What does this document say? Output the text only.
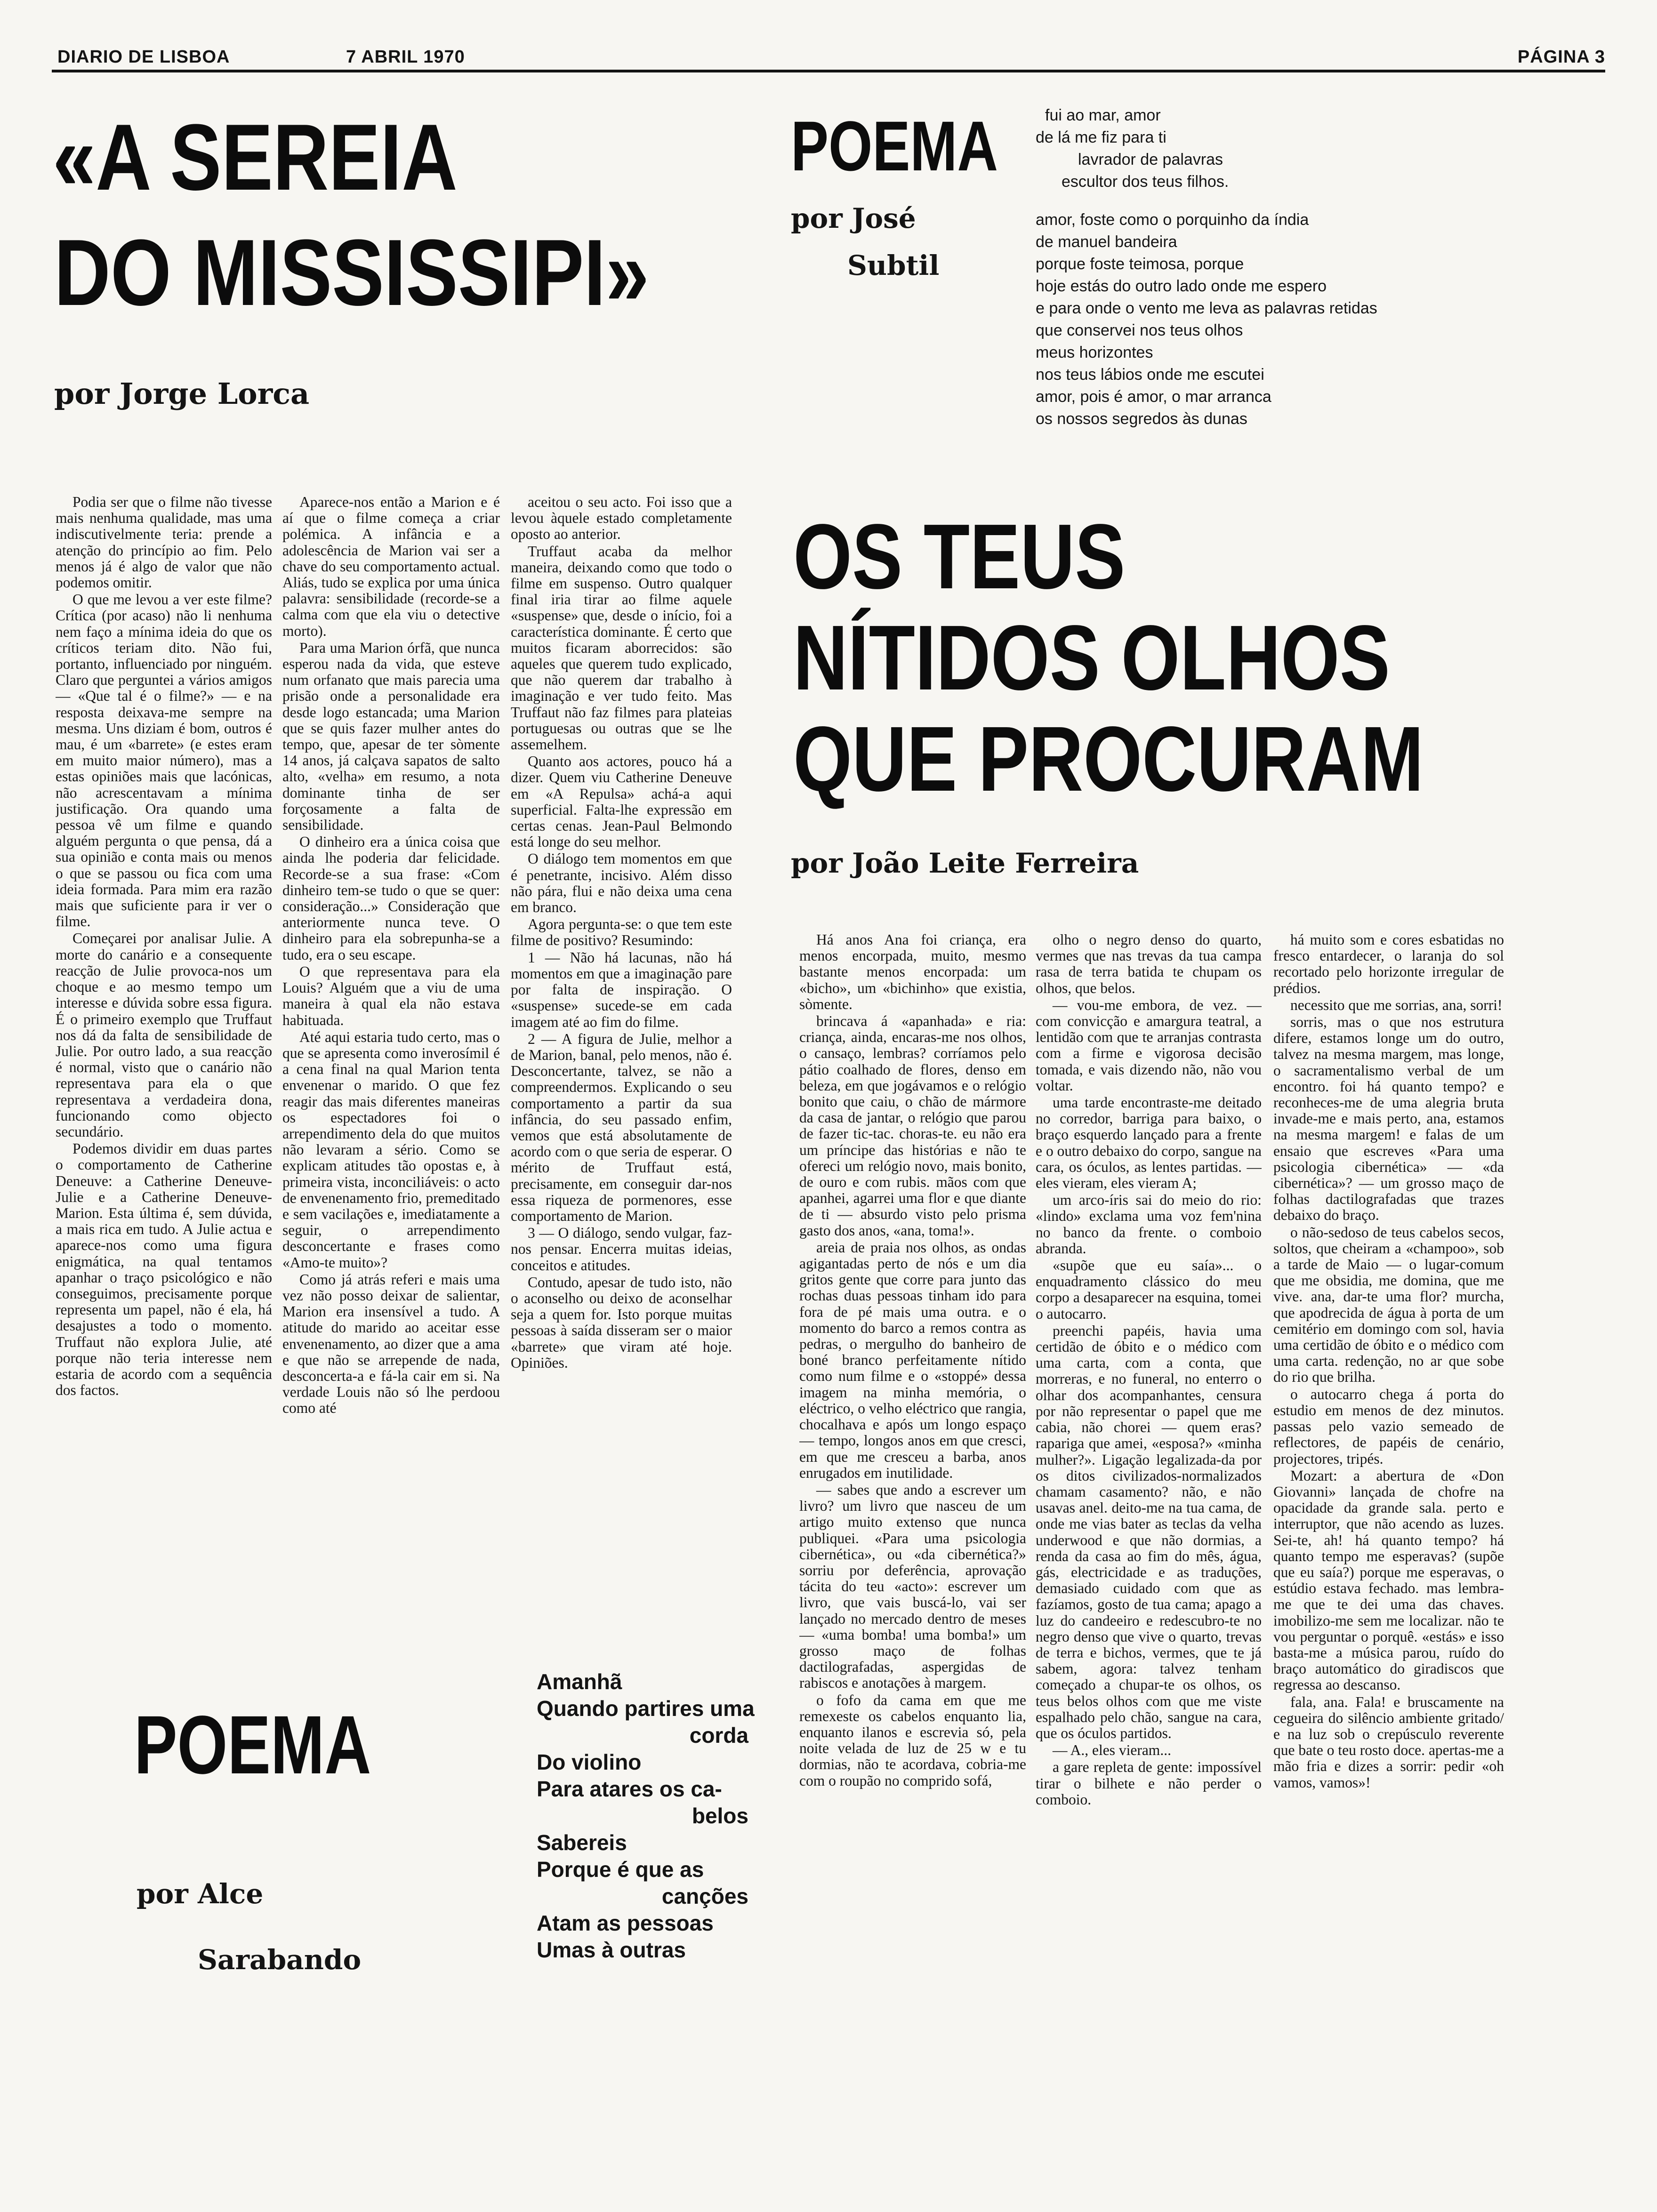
DIARIO DE LISBOA	7 ABRIL 1970	PÁGINA 3
«A SEREIA
DO MISSISSIPI»
por Jorge Lorca

Podia ser que o filme não tivesse mais nenhuma qualidade, mas uma indiscutivelmente teria: prende a atenção do princípio ao fim. Pelo menos já é algo de valor que não podemos omitir.

O que me levou a ver este filme? Crítica (por acaso) não li nenhuma nem faço a mínima ideia do que os críticos teriam dito. Não fui, portanto, influenciado por ninguém. Claro que perguntei a vários amigos — «Que tal é o filme?» — e na resposta deixava-me sempre na mesma. Uns diziam é bom, outros é mau, é um «barrete» (e estes eram em muito maior número), mas a estas opiniões mais que lacónicas, não acrescentavam a mínima justificação. Ora quando uma pessoa vê um filme e quando alguém pergunta o que pensa, dá a sua opinião e conta mais ou menos o que se passou ou fica com uma ideia formada. Para mim era razão mais que suficiente para ir ver o filme.

Começarei por analisar Julie. A morte do canário e a consequente reacção de Julie provoca-nos um choque e ao mesmo tempo um interesse e dúvida sobre essa figura. É o primeiro exemplo que Truffaut nos dá da falta de sensibilidade de Julie. Por outro lado, a sua reacção é normal, visto que o canário não representava para ela o que representava a verdadeira dona, funcionando como objecto secundário.

Podemos dividir em duas partes o comportamento de Catherine Deneuve: a Catherine Deneuve-Julie e a Catherine Deneuve-Marion. Esta última é, sem dúvida, a mais rica em tudo. A Julie actua e aparece-nos como uma figura enigmática, na qual tentamos apanhar o traço psicológico e não conseguimos, precisamente porque representa um papel, não é ela, há desajustes a todo o momento. Truffaut não explora Julie, até porque não teria interesse nem estaria de acordo com a sequência dos factos.

Aparece-nos então a Marion e é aí que o filme começa a criar polémica. A infância e a adolescência de Marion vai ser a chave do seu comportamento actual. Aliás, tudo se explica por uma única palavra: sensibilidade (recorde-se a calma com que ela viu o detective morto).

Para uma Marion órfã, que nunca esperou nada da vida, que esteve num orfanato que mais parecia uma prisão onde a personalidade era desde logo estancada; uma Marion que se quis fazer mulher antes do tempo, que, apesar de ter sòmente 14 anos, já calçava sapatos de salto alto, «velha» em resumo, a nota dominante tinha de ser forçosamente a falta de sensibilidade.

O dinheiro era a única coisa que ainda lhe poderia dar felicidade. Recorde-se a sua frase: «Com dinheiro tem-se tudo o que se quer: consideração...» Consideração que anteriormente nunca teve. O dinheiro para ela sobrepunha-se a tudo, era o seu escape.

O que representava para ela Louis? Alguém que a viu de uma maneira à qual ela não estava habituada.

Até aqui estaria tudo certo, mas o que se apresenta como inverosímil é a cena final na qual Marion tenta envenenar o marido. O que fez reagir das mais diferentes maneiras os espectadores foi o arrependimento dela do que muitos não levaram a sério. Como se explicam atitudes tão opostas e, à primeira vista, inconciliáveis: o acto de envenenamento frio, premeditado e sem vacilações e, imediatamente a seguir, o arrependimento desconcertante e frases como «Amo-te muito»?

Como já atrás referi e mais uma vez não posso deixar de salientar, Marion era insensível a tudo. A atitude do marido ao aceitar esse envenenamento, ao dizer que a ama e que não se arrepende de nada, desconcerta-a e fá-la cair em si. Na verdade Louis não só lhe perdoou como até

aceitou o seu acto. Foi isso que a levou àquele estado completamente oposto ao anterior.

Truffaut acaba da melhor maneira, deixando como que todo o filme em suspenso. Outro qualquer final iria tirar ao filme aquele «suspense» que, desde o início, foi a característica dominante. É certo que muitos ficaram aborrecidos: são aqueles que querem tudo explicado, que não querem dar trabalho à imaginação e ver tudo feito. Mas Truffaut não faz filmes para plateias portuguesas ou outras que se lhe assemelhem.

Quanto aos actores, pouco há a dizer. Quem viu Catherine Deneuve em «A Repulsa» achá-a aqui superficial. Falta-lhe expressão em certas cenas. Jean-Paul Belmondo está longe do seu melhor.

O diálogo tem momentos em que é penetrante, incisivo. Além disso não pára, flui e não deixa uma cena em branco.

Agora pergunta-se: o que tem este filme de positivo? Resumindo:

1 — Não há lacunas, não há momentos em que a imaginação pare por falta de inspiração. O «suspense» sucede-se em cada imagem até ao fim do filme.

2 — A figura de Julie, melhor a de Marion, banal, pelo menos, não é. Desconcertante, talvez, se não a compreendermos. Explicando o seu comportamento a partir da sua infância, do seu passado enfim, vemos que está absolutamente de acordo com o que seria de esperar. O mérito de Truffaut está, precisamente, em conseguir dar-nos essa riqueza de pormenores, esse comportamento de Marion.

3 — O diálogo, sendo vulgar, faz-nos pensar. Encerra muitas ideias, conceitos e atitudes.

Contudo, apesar de tudo isto, não o aconselho ou deixo de aconselhar seja a quem for. Isto porque muitas pessoas à saída disseram ser o maior «barrete» que viram até hoje. Opiniões.

POEMA
por José
Subtil
fui ao mar, amor
de lá me fiz para ti
lavrador de palavras
escultor dos teus filhos.
amor, foste como o porquinho da índia
de manuel bandeira
porque foste teimosa, porque
hoje estás do outro lado onde me espero
e para onde o vento me leva as palavras retidas
que conservei nos teus olhos
meus horizontes
nos teus lábios onde me escutei
amor, pois é amor, o mar arranca
os nossos segredos às dunas
OS TEUS
NÍTIDOS OLHOS
QUE PROCURAM
por João Leite Ferreira

Há anos Ana foi criança, era menos encorpada, muito, mesmo bastante menos encorpada: um «bicho», um «bichinho» que existia, sòmente.

brincava á «apanhada» e ria: criança, ainda, encaras-me nos olhos, o cansaço, lembras? corríamos pelo pátio coalhado de flores, denso em beleza, em que jogávamos e o relógio bonito que caiu, o chão de mármore da casa de jantar, o relógio que parou de fazer tic-tac. choras-te. eu não era um príncipe das histórias e não te ofereci um relógio novo, mais bonito, de ouro e com rubis. mãos com que apanhei, agarrei uma flor e que diante de ti — absurdo visto pelo prisma gasto dos anos, «ana, toma!».

areia de praia nos olhos, as ondas agigantadas perto de nós e um dia gritos gente que corre para junto das rochas duas pessoas tinham ido para fora de pé mais uma outra. e o momento do barco a remos contra as pedras, o mergulho do banheiro de boné branco perfeitamente nítido como num filme e o «stoppé» dessa imagem na minha memória, o eléctrico, o velho eléctrico que rangia, chocalhava e após um longo espaço — tempo, longos anos em que cresci, em que me cresceu a barba, anos enrugados em inutilidade.

— sabes que ando a escrever um livro? um livro que nasceu de um artigo muito extenso que nunca publiquei. «Para uma psicologia cibernética», ou «da cibernética?» sorriu por deferência, aprovação tácita do teu «acto»: escrever um livro, que vais buscá-lo, vai ser lançado no mercado dentro de meses — «uma bomba! uma bomba!» um grosso maço de folhas dactilografadas, aspergidas de rabiscos e anotações à margem.

o fofo da cama em que me remexeste os cabelos enquanto lia, enquanto ilanos e escrevia só, pela noite velada de luz de 25 w e tu dormias, não te acordava, cobria-me com o roupão no comprido sofá,

olho o negro denso do quarto, vermes que nas trevas da tua campa rasa de terra batida te chupam os olhos, que belos.

— vou-me embora, de vez. — com convicção e amargura teatral, a lentidão com que te arranjas contrasta com a firme e vigorosa decisão tomada, e vais dizendo não, não vou voltar.

uma tarde encontraste-me deitado no corredor, barriga para baixo, o braço esquerdo lançado para a frente e o outro debaixo do corpo, sangue na cara, os óculos, as lentes partidas. — eles vieram, eles vieram A;

um arco-íris sai do meio do rio: «lindo» exclama uma voz fem'nina no banco da frente. o comboio abranda.

«supõe que eu saía»... o enquadramento clássico do meu corpo a desaparecer na esquina, tomei o autocarro.

preenchi papéis, havia uma certidão de óbito e o médico com uma carta, com a conta, que morreras, e no funeral, no enterro o olhar dos acompanhantes, censura por não representar o papel que me cabia, não chorei — quem eras? rapariga que amei, «esposa?» «minha mulher?». Ligação legalizada-da por os ditos civilizados-normalizados chamam casamento? não, e não usavas anel. deito-me na tua cama, de onde me vias bater as teclas da velha underwood e que não dormias, a renda da casa ao fim do mês, água, gás, electricidade e as traduções, demasiado cuidado com que as fazíamos, gosto de tua cama; apago a luz do candeeiro e redescubro-te no negro denso que vive o quarto, trevas de terra e bichos, vermes, que te já sabem, agora: talvez tenham começado a chupar-te os olhos, os teus belos olhos com que me viste espalhado pelo chão, sangue na cara, que os óculos partidos.

— A., eles vieram...

a gare repleta de gente: impossível tirar o bilhete e não perder o comboio.

há muito som e cores esbatidas no fresco entardecer, o laranja do sol recortado pelo horizonte irregular de prédios.

necessito que me sorrias, ana, sorri!

sorris, mas o que nos estrutura difere, estamos longe um do outro, talvez na mesma margem, mas longe, o sacramentalismo verbal de um encontro. foi há quanto tempo? e reconheces-me de uma alegria bruta invade-me e mais perto, ana, estamos na mesma margem! e falas de um ensaio que escreves «Para uma psicologia cibernética» — «da cibernética»? — um grosso maço de folhas dactilografadas que trazes debaixo do braço.

o não-sedoso de teus cabelos secos, soltos, que cheiram a «champoo», sob a tarde de Maio — o lugar-comum que me obsidia, me domina, que me vive. ana, dar-te uma flor? murcha, que apodrecida de água à porta de um cemitério em domingo com sol, havia uma certidão de óbito e o médico com uma carta. redenção, no ar que sobe do rio que brilha.

o autocarro chega á porta do estudio em menos de dez minutos. passas pelo vazio semeado de reflectores, de papéis de cenário, projectores, tripés.

Mozart: a abertura de «Don Giovanni» lançada de chofre na opacidade da grande sala. perto e interruptor, que não acendo as luzes. Sei-te, ah! há quanto tempo? há quanto tempo me esperavas? (supõe que eu saía?) porque me esperavas, o estúdio estava fechado. mas lembra-me que te dei uma das chaves. imobilizo-me sem me localizar. não te vou perguntar o porquê. «estás» e isso basta-me a música parou, ruído do braço automático do giradiscos que regressa ao descanso.

fala, ana. Fala! e bruscamente na cegueira do silêncio ambiente gritado/ e na luz sob o crepúsculo reverente que bate o teu rosto doce. apertas-me a mão fria e dizes a sorrir: pedir «oh vamos, vamos»!

POEMA
por Alce
Sarabando
Amanhã
Quando partires uma
corda
Do violino
Para atares os ca-
belos
Sabereis
Porque é que as
canções
Atam as pessoas
Umas à outras
